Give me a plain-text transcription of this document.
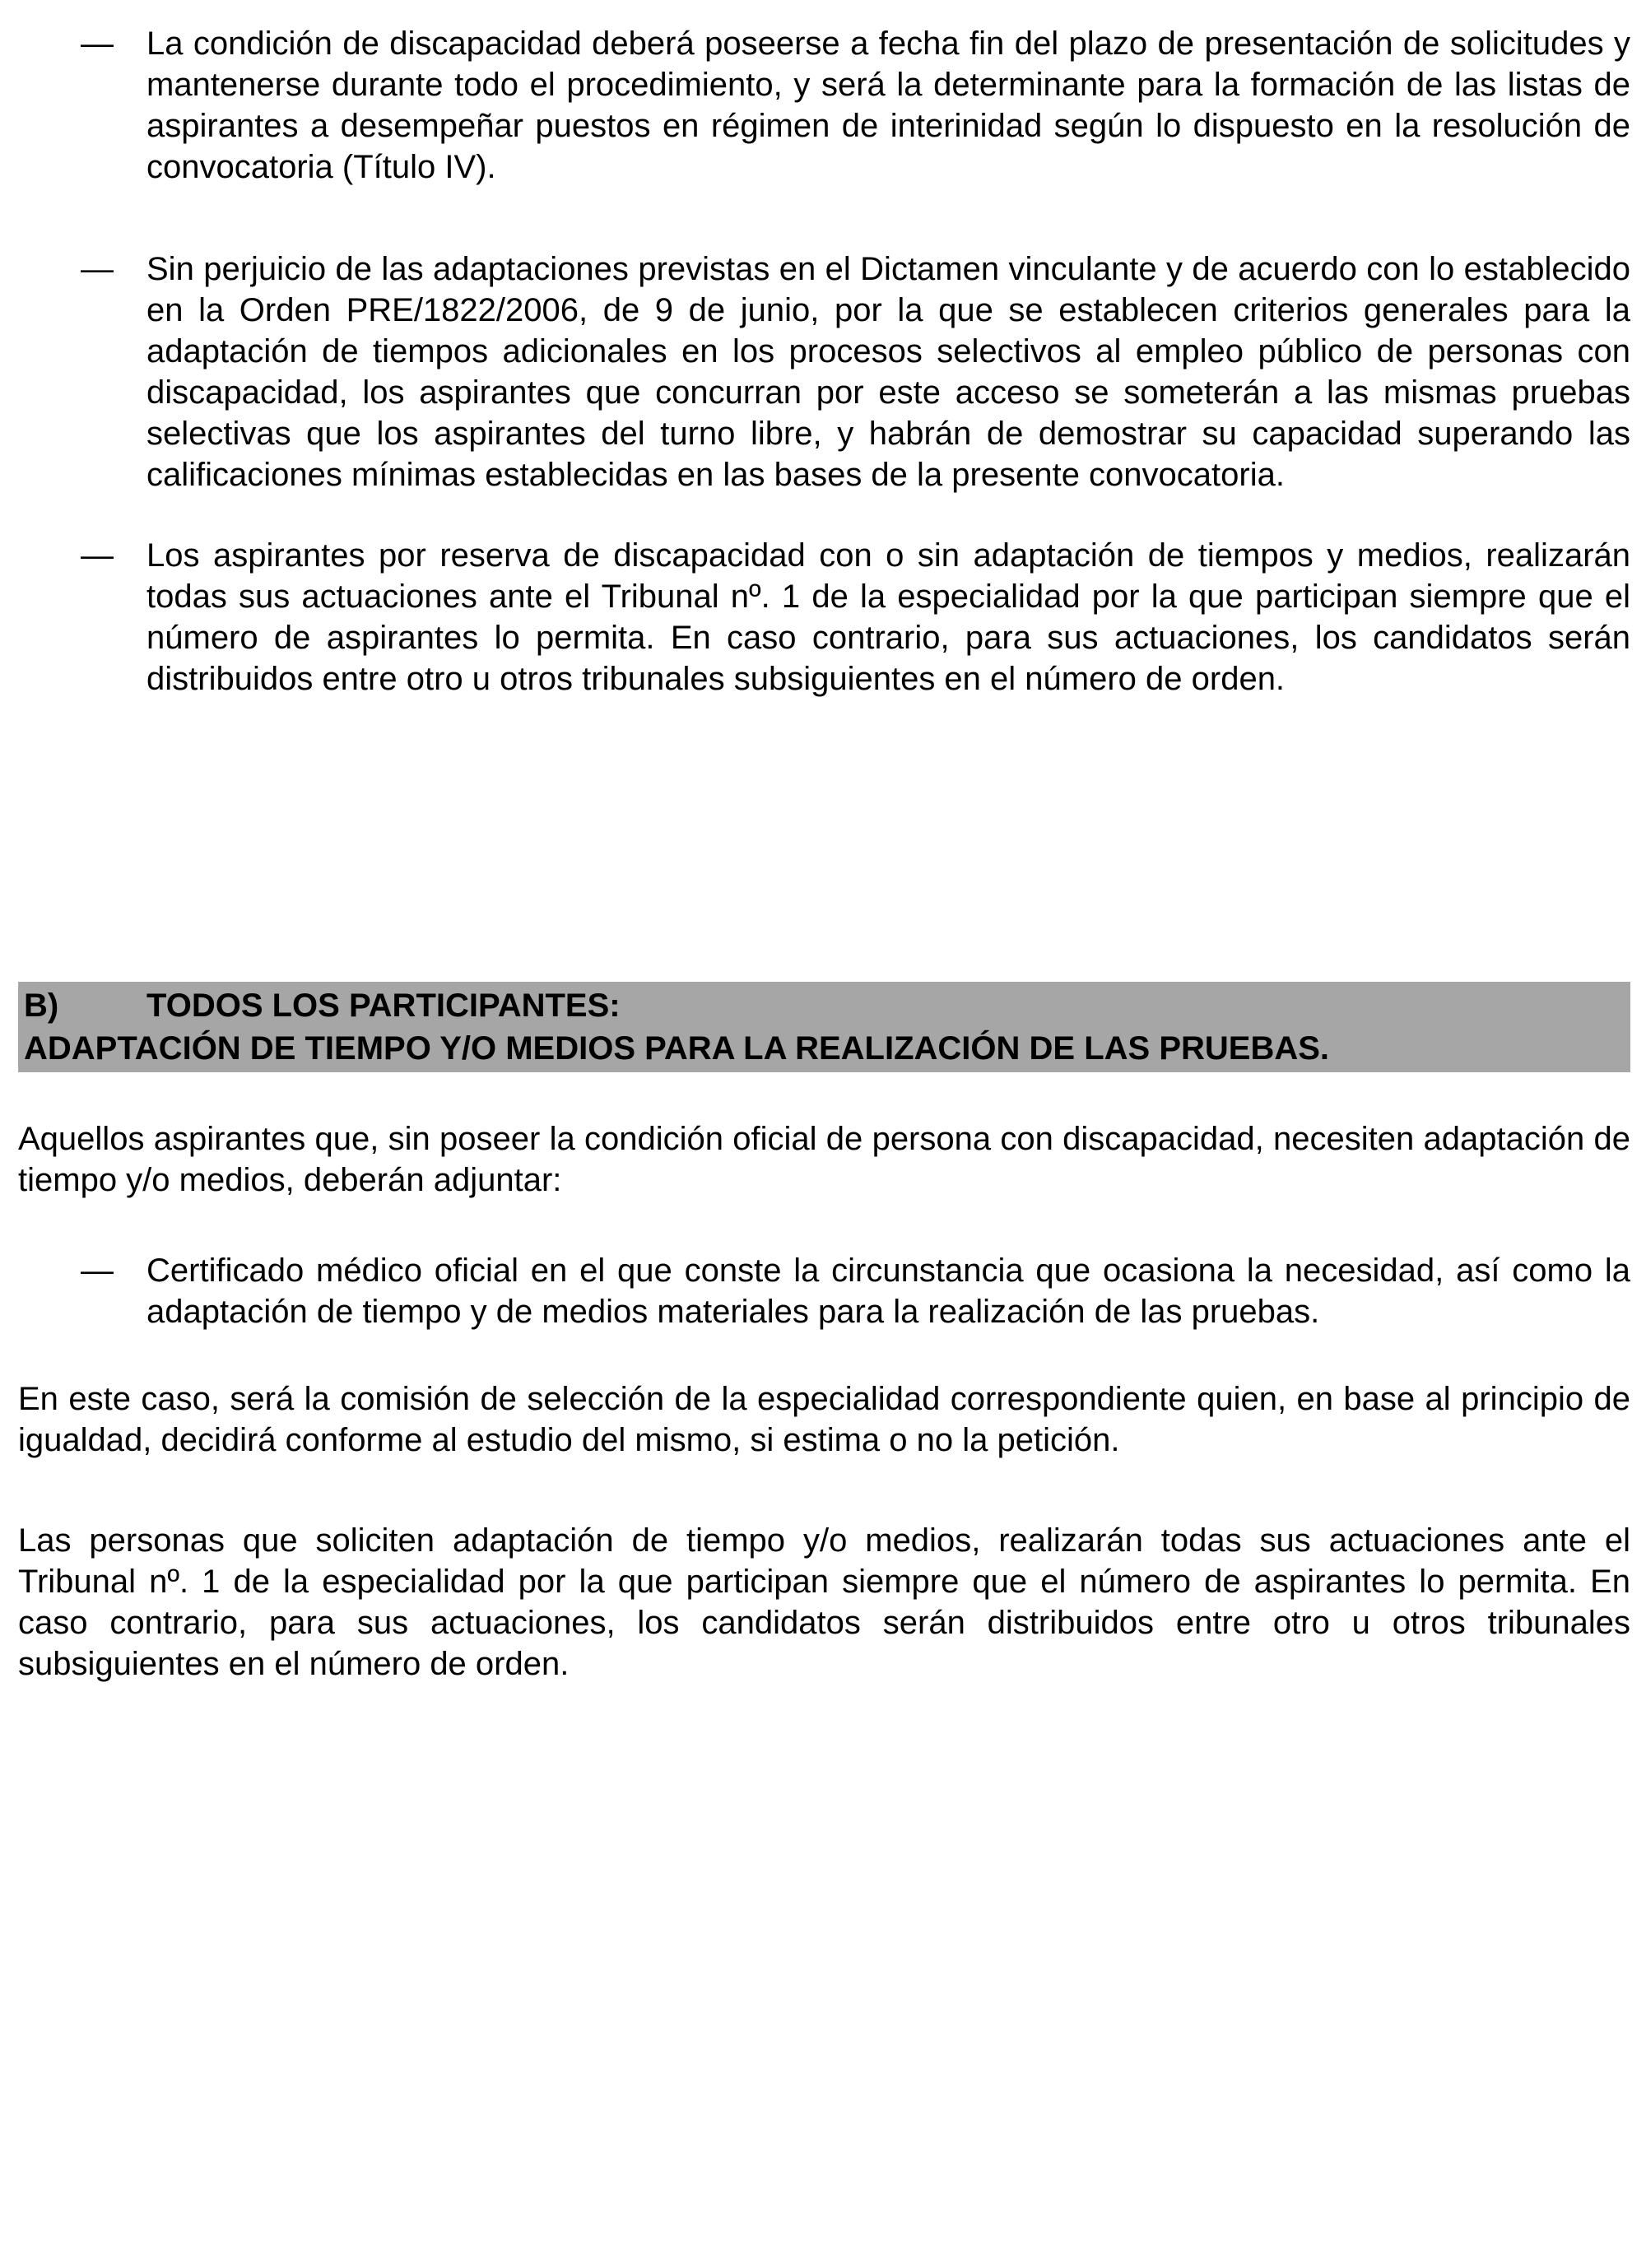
—	La condición de discapacidad deberá poseerse a fecha fin del plazo de presentación de solicitudes y mantenerse durante todo el procedimiento, y será la determinante para la formación de las listas de aspirantes a desempeñar puestos en régimen de interinidad según lo dispuesto en la resolución de convocatoria (Título IV).
—	Sin perjuicio de las adaptaciones previstas en el Dictamen vinculante y de acuerdo con lo establecido en la Orden PRE/1822/2006, de 9 de junio, por la que se establecen criterios generales para la adaptación de tiempos adicionales en los procesos selectivos al empleo público de personas con discapacidad, los aspirantes que concurran por este acceso se someterán a las mismas pruebas selectivas que los aspirantes del turno libre, y habrán de demostrar su capacidad superando las calificaciones mínimas establecidas en las bases de la presente convocatoria.
—	Los aspirantes por reserva de discapacidad con o sin adaptación de tiempos y medios, realizarán todas sus actuaciones ante el Tribunal nº. 1 de la especialidad por la que participan siempre que el número de aspirantes lo permita. En caso contrario, para sus actuaciones, los candidatos serán distribuidos entre otro u otros tribunales subsiguientes en el número de orden.
B)	TODOS LOS PARTICIPANTES:
ADAPTACIÓN DE TIEMPO Y/O MEDIOS PARA LA REALIZACIÓN DE LAS PRUEBAS.
Aquellos aspirantes que, sin poseer la condición oficial de persona con discapacidad, necesiten adaptación de tiempo y/o medios, deberán adjuntar:
—	Certificado médico oficial en el que conste la circunstancia que ocasiona la necesidad, así como la adaptación de tiempo y de medios materiales para la realización de las pruebas.
En este caso, será la comisión de selección de la especialidad correspondiente quien, en base al principio de igualdad, decidirá conforme al estudio del mismo, si estima o no la petición.
Las personas que soliciten adaptación de tiempo y/o medios, realizarán todas sus actuaciones ante el Tribunal nº. 1 de la especialidad por la que participan siempre que el número de aspirantes lo permita. En caso contrario, para sus actuaciones, los candidatos serán distribuidos entre otro u otros tribunales subsiguientes en el número de orden.
